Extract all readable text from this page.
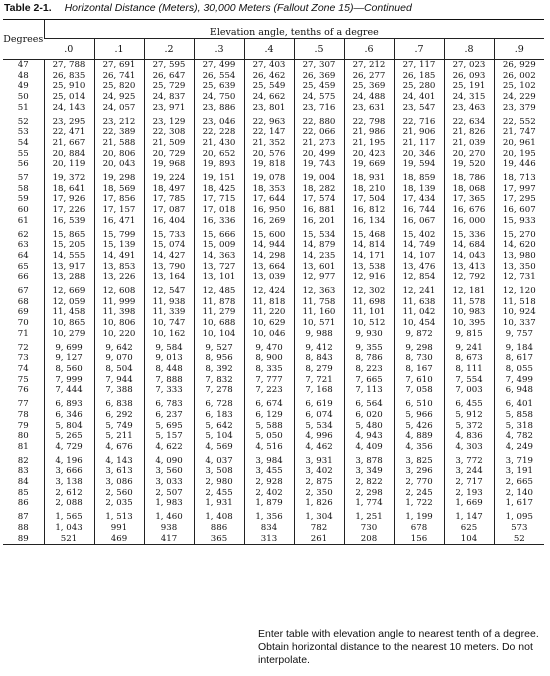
Table 2-1. Horizontal Distance (Meters), 30,000 Meters (Fallout Zone 15)—Continued
Degrees	Elevation angle, tenths of a degree									
	.0	.1	.2	.3	.4	.5	.6	.7	.8	.9
47	27, 788	27, 691	27, 595	27, 499	27, 403	27, 307	27, 212	27, 117	27, 023	26, 929
48	26, 835	26, 741	26, 647	26, 554	26, 462	26, 369	26, 277	26, 185	26, 093	26, 002
49	25, 910	25, 820	25, 729	25, 639	25, 549	25, 459	25, 369	25, 280	25, 191	25, 102
50	25, 014	24, 925	24, 837	24, 750	24, 662	24, 575	24, 488	24, 401	24, 315	24, 229
51	24, 143	24, 057	23, 971	23, 886	23, 801	23, 716	23, 631	23, 547	23, 463	23, 379
52	23, 295	23, 212	23, 129	23, 046	22, 963	22, 880	22, 798	22, 716	22, 634	22, 552
53	22, 471	22, 389	22, 308	22, 228	22, 147	22, 066	21, 986	21, 906	21, 826	21, 747
54	21, 667	21, 588	21, 509	21, 430	21, 352	21, 273	21, 195	21, 117	21, 039	20, 961
55	20, 884	20, 806	20, 729	20, 652	20, 576	20, 499	20, 423	20, 346	20, 270	20, 195
56	20, 119	20, 043	19, 968	19, 893	19, 818	19, 743	19, 669	19, 594	19, 520	19, 446
57	19, 372	19, 298	19, 224	19, 151	19, 078	19, 004	18, 931	18, 859	18, 786	18, 713
58	18, 641	18, 569	18, 497	18, 425	18, 353	18, 282	18, 210	18, 139	18, 068	17, 997
59	17, 926	17, 856	17, 785	17, 715	17, 644	17, 574	17, 504	17, 434	17, 365	17, 295
60	17, 226	17, 157	17, 087	17, 018	16, 950	16, 881	16, 812	16, 744	16, 676	16, 607
61	16, 539	16, 471	16, 404	16, 336	16, 269	16, 201	16, 134	16, 067	16, 000	15, 933
62	15, 865	15, 799	15, 733	15, 666	15, 600	15, 534	15, 468	15, 402	15, 336	15, 270
63	15, 205	15, 139	15, 074	15, 009	14, 944	14, 879	14, 814	14, 749	14, 684	14, 620
64	14, 555	14, 491	14, 427	14, 363	14, 298	14, 235	14, 171	14, 107	14, 043	13, 980
65	13, 917	13, 853	13, 790	13, 727	13, 664	13, 601	13, 538	13, 476	13, 413	13, 350
66	13, 288	13, 226	13, 164	13, 101	13, 039	12, 977	12, 916	12, 854	12, 792	12, 731
67	12, 669	12, 608	12, 547	12, 485	12, 424	12, 363	12, 302	12, 241	12, 181	12, 120
68	12, 059	11, 999	11, 938	11, 878	11, 818	11, 758	11, 698	11, 638	11, 578	11, 518
69	11, 458	11, 398	11, 339	11, 279	11, 220	11, 160	11, 101	11, 042	10, 983	10, 924
70	10, 865	10, 806	10, 747	10, 688	10, 629	10, 571	10, 512	10, 454	10, 395	10, 337
71	10, 279	10, 220	10, 162	10, 104	10, 046	9, 988	9, 930	9, 872	9, 815	9, 757
72	9, 699	9, 642	9, 584	9, 527	9, 470	9, 412	9, 355	9, 298	9, 241	9, 184
73	9, 127	9, 070	9, 013	8, 956	8, 900	8, 843	8, 786	8, 730	8, 673	8, 617
74	8, 560	8, 504	8, 448	8, 392	8, 335	8, 279	8, 223	8, 167	8, 111	8, 055
75	7, 999	7, 944	7, 888	7, 832	7, 777	7, 721	7, 665	7, 610	7, 554	7, 499
76	7, 444	7, 388	7, 333	7, 278	7, 223	7, 168	7, 113	7, 058	7, 003	6, 948
77	6, 893	6, 838	6, 783	6, 728	6, 674	6, 619	6, 564	6, 510	6, 455	6, 401
78	6, 346	6, 292	6, 237	6, 183	6, 129	6, 074	6, 020	5, 966	5, 912	5, 858
79	5, 804	5, 749	5, 695	5, 642	5, 588	5, 534	5, 480	5, 426	5, 372	5, 318
80	5, 265	5, 211	5, 157	5, 104	5, 050	4, 996	4, 943	4, 889	4, 836	4, 782
81	4, 729	4, 676	4, 622	4, 569	4, 516	4, 462	4, 409	4, 356	4, 303	4, 249
82	4, 196	4, 143	4, 090	4, 037	3, 984	3, 931	3, 878	3, 825	3, 772	3, 719
83	3, 666	3, 613	3, 560	3, 508	3, 455	3, 402	3, 349	3, 296	3, 244	3, 191
84	3, 138	3, 086	3, 033	2, 980	2, 928	2, 875	2, 822	2, 770	2, 717	2, 665
85	2, 612	2, 560	2, 507	2, 455	2, 402	2, 350	2, 298	2, 245	2, 193	2, 140
86	2, 088	2, 035	1, 983	1, 931	1, 879	1, 826	1, 774	1, 722	1, 669	1, 617
87	1, 565	1, 513	1, 460	1, 408	1, 356	1, 304	1, 251	1, 199	1, 147	1, 095
88	1, 043	991	938	886	834	782	730	678	625	573
89	521	469	417	365	313	261	208	156	104	52
Enter table with elevation angle to nearest tenth of a degree. Obtain horizontal distance to the nearest 10 meters. Do not interpolate.
